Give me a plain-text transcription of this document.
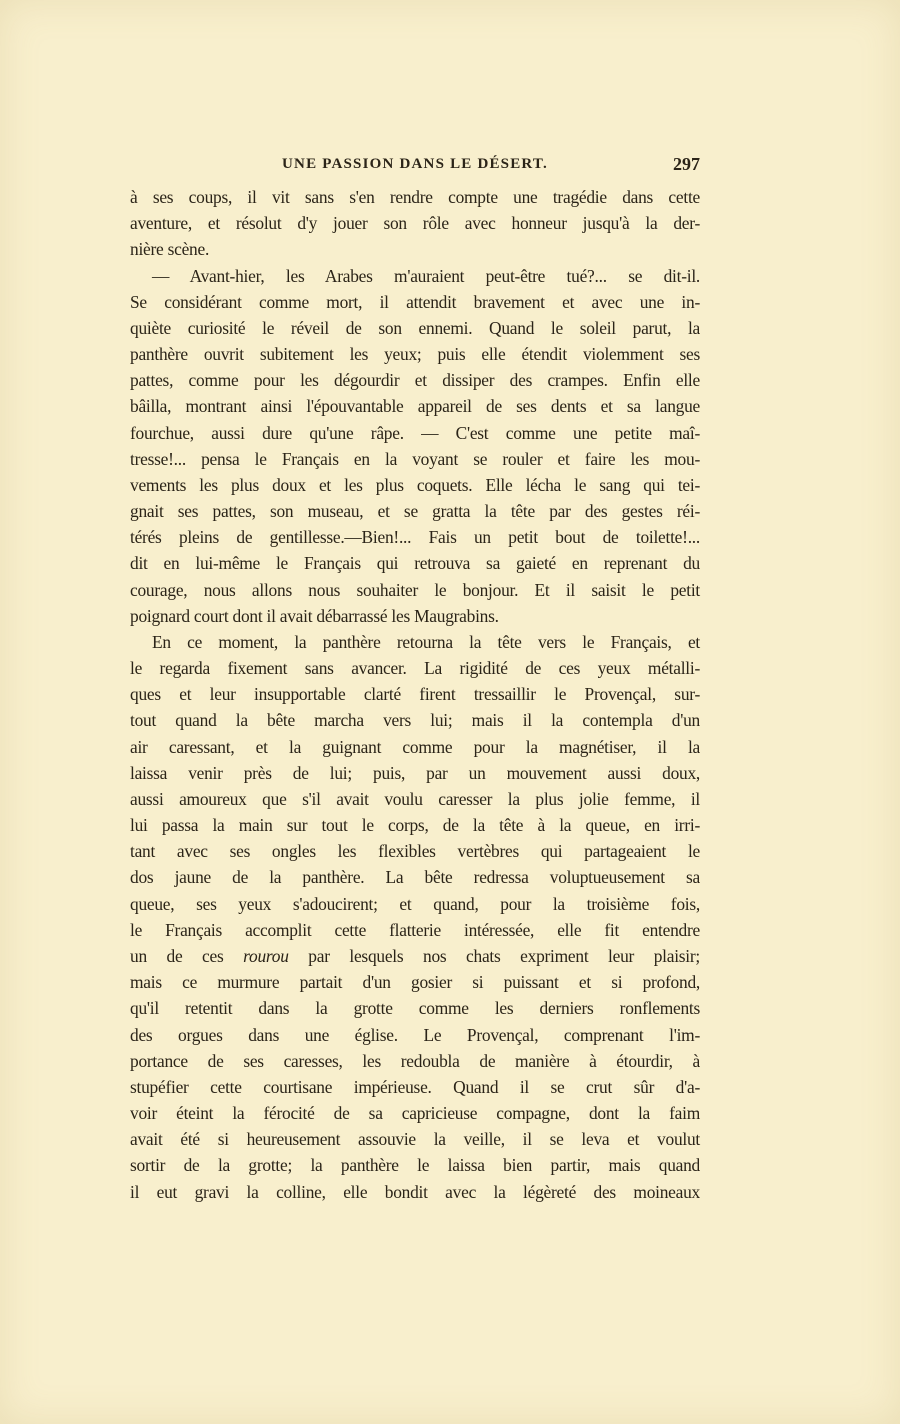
UNE PASSION DANS LE DÉSERT.	297
à ses coups, il vit sans s'en rendre compte une tragédie dans cette
aventure, et résolut d'y jouer son rôle avec honneur jusqu'à la der-
nière scène.
— Avant-hier, les Arabes m'auraient peut-être tué?... se dit-il.
Se considérant comme mort, il attendit bravement et avec une in-
quiète curiosité le réveil de son ennemi. Quand le soleil parut, la
panthère ouvrit subitement les yeux; puis elle étendit violemment ses
pattes, comme pour les dégourdir et dissiper des crampes. Enfin elle
bâilla, montrant ainsi l'épouvantable appareil de ses dents et sa langue
fourchue, aussi dure qu'une râpe. — C'est comme une petite maî-
tresse!... pensa le Français en la voyant se rouler et faire les mou-
vements les plus doux et les plus coquets. Elle lécha le sang qui tei-
gnait ses pattes, son museau, et se gratta la tête par des gestes réi-
térés pleins de gentillesse.—Bien!... Fais un petit bout de toilette!...
dit en lui-même le Français qui retrouva sa gaieté en reprenant du
courage, nous allons nous souhaiter le bonjour. Et il saisit le petit
poignard court dont il avait débarrassé les Maugrabins.
En ce moment, la panthère retourna la tête vers le Français, et
le regarda fixement sans avancer. La rigidité de ces yeux métalli-
ques et leur insupportable clarté firent tressaillir le Provençal, sur-
tout quand la bête marcha vers lui; mais il la contempla d'un
air caressant, et la guignant comme pour la magnétiser, il la
laissa venir près de lui; puis, par un mouvement aussi doux,
aussi amoureux que s'il avait voulu caresser la plus jolie femme, il
lui passa la main sur tout le corps, de la tête à la queue, en irri-
tant avec ses ongles les flexibles vertèbres qui partageaient le
dos jaune de la panthère. La bête redressa voluptueusement sa
queue, ses yeux s'adoucirent; et quand, pour la troisième fois,
le Français accomplit cette flatterie intéressée, elle fit entendre
un de ces rourou par lesquels nos chats expriment leur plaisir;
mais ce murmure partait d'un gosier si puissant et si profond,
qu'il retentit dans la grotte comme les derniers ronflements
des orgues dans une église. Le Provençal, comprenant l'im-
portance de ses caresses, les redoubla de manière à étourdir, à
stupéfier cette courtisane impérieuse. Quand il se crut sûr d'a-
voir éteint la férocité de sa capricieuse compagne, dont la faim
avait été si heureusement assouvie la veille, il se leva et voulut
sortir de la grotte; la panthère le laissa bien partir, mais quand
il eut gravi la colline, elle bondit avec la légèreté des moineaux
